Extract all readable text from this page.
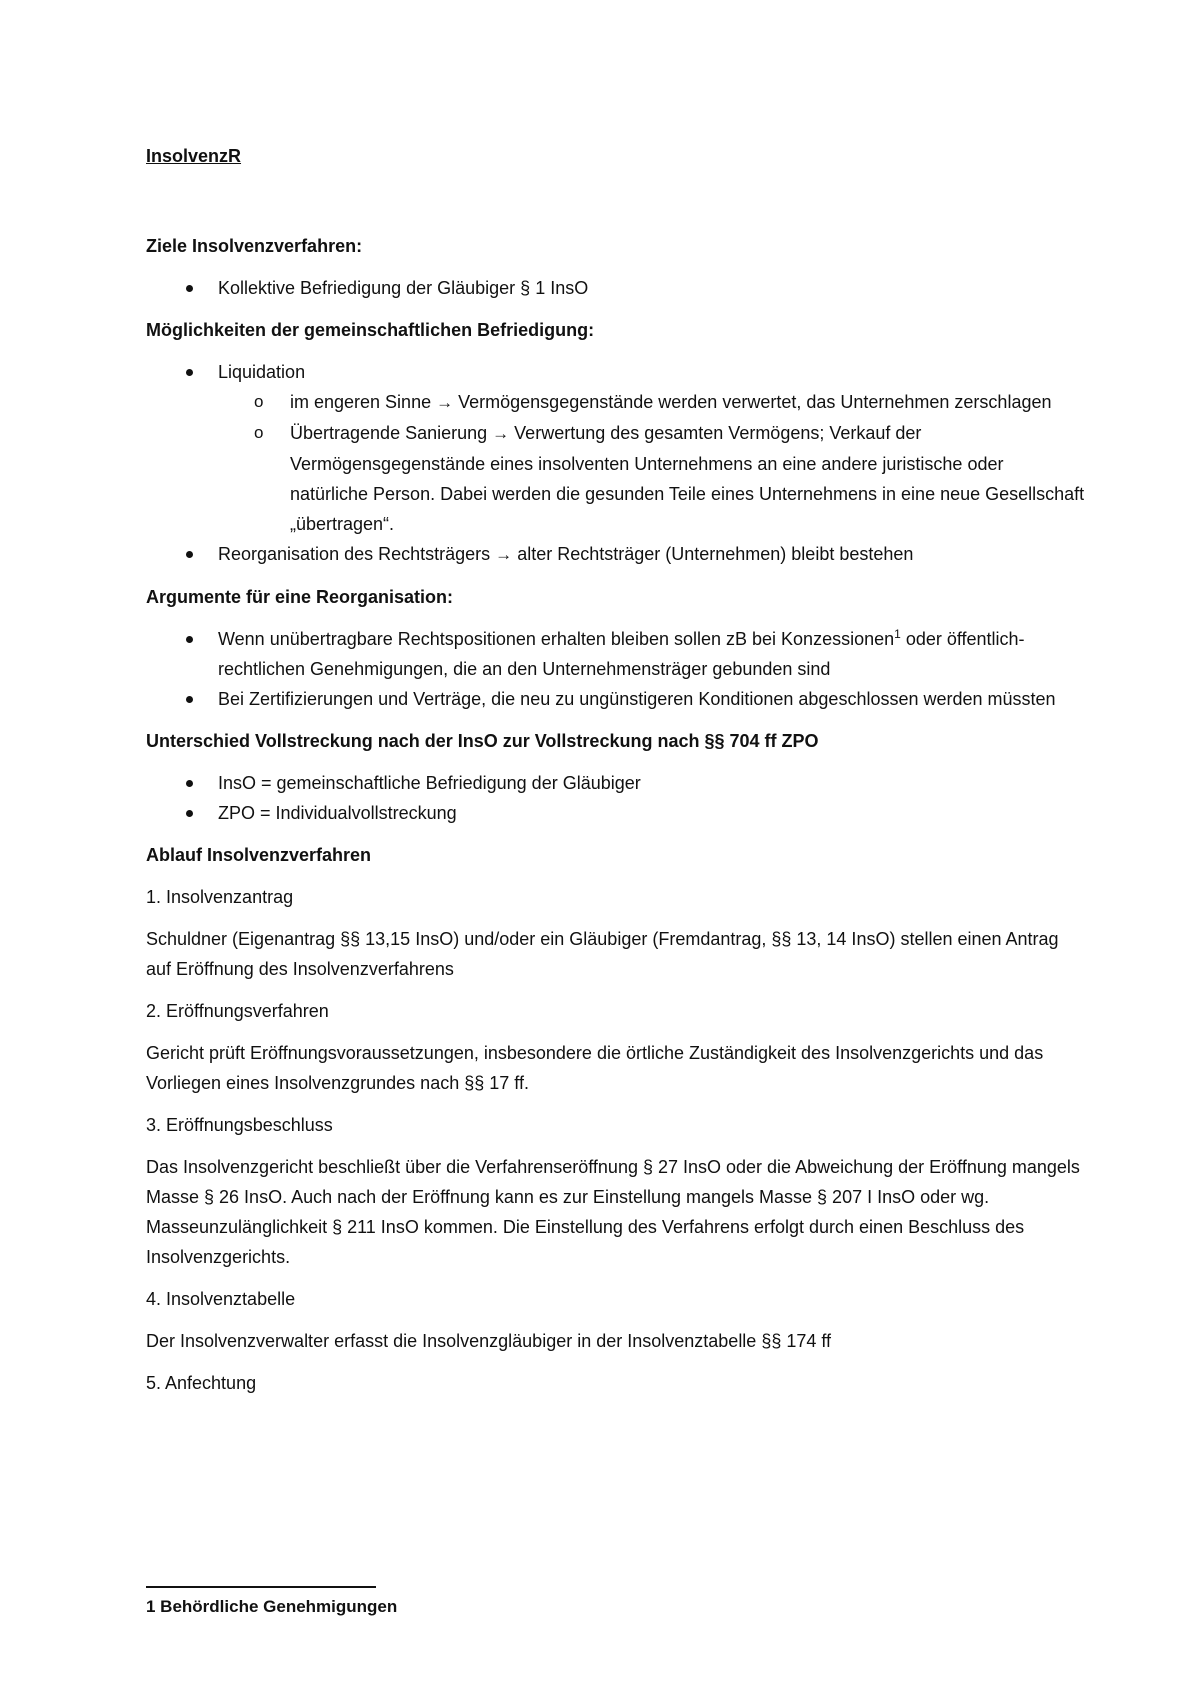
InsolvenzR
Ziele Insolvenzverfahren:
Kollektive Befriedigung der Gläubiger § 1 InsO
Möglichkeiten der gemeinschaftlichen Befriedigung:
Liquidation
o im engeren Sinne → Vermögensgegenstände werden verwertet, das Unternehmen zerschlagen
o Übertragende Sanierung → Verwertung des gesamten Vermögens; Verkauf der Vermögensgegenstände eines insolventen Unternehmens an eine andere juristische oder natürliche Person. Dabei werden die gesunden Teile eines Unternehmens in eine neue Gesellschaft „übertragen“.
Reorganisation des Rechtsträgers → alter Rechtsträger (Unternehmen) bleibt bestehen
Argumente für eine Reorganisation:
Wenn unübertragbare Rechtspositionen erhalten bleiben sollen zB bei Konzessionen$^1$ oder öffentlich-rechtlichen Genehmigungen, die an den Unternehmensträger gebunden sind
Bei Zertifizierungen und Verträge, die neu zu ungünstigeren Konditionen abgeschlossen werden müssten
Unterschied Vollstreckung nach der InsO zur Vollstreckung nach §§ 704 ff ZPO
InsO = gemeinschaftliche Befriedigung der Gläubiger
ZPO = Individualvollstreckung
Ablauf Insolvenzverfahren
1. Insolvenzantrag
Schuldner (Eigenantrag §§ 13,15 InsO) und/oder ein Gläubiger (Fremdantrag, §§ 13, 14 InsO) stellen einen Antrag auf Eröffnung des Insolvenzverfahrens
2. Eröffnungsverfahren
Gericht prüft Eröffnungsvoraussetzungen, insbesondere die örtliche Zuständigkeit des Insolvenzgerichts und das Vorliegen eines Insolvenzgrundes nach §§ 17 ff.
3. Eröffnungsbeschluss
Das Insolvenzgericht beschließt über die Verfahrenseröffnung § 27 InsO oder die Abweichung der Eröffnung mangels Masse § 26 InsO. Auch nach der Eröffnung kann es zur Einstellung mangels Masse § 207 I InsO oder wg. Masseunzulänglichkeit § 211 InsO kommen. Die Einstellung des Verfahrens erfolgt durch einen Beschluss des Insolvenzgerichts.
4. Insolvenztabelle
Der Insolvenzverwalter erfasst die Insolvenzgläubiger in der Insolvenztabelle §§ 174 ff
5. Anfechtung
1 Behördliche Genehmigungen
